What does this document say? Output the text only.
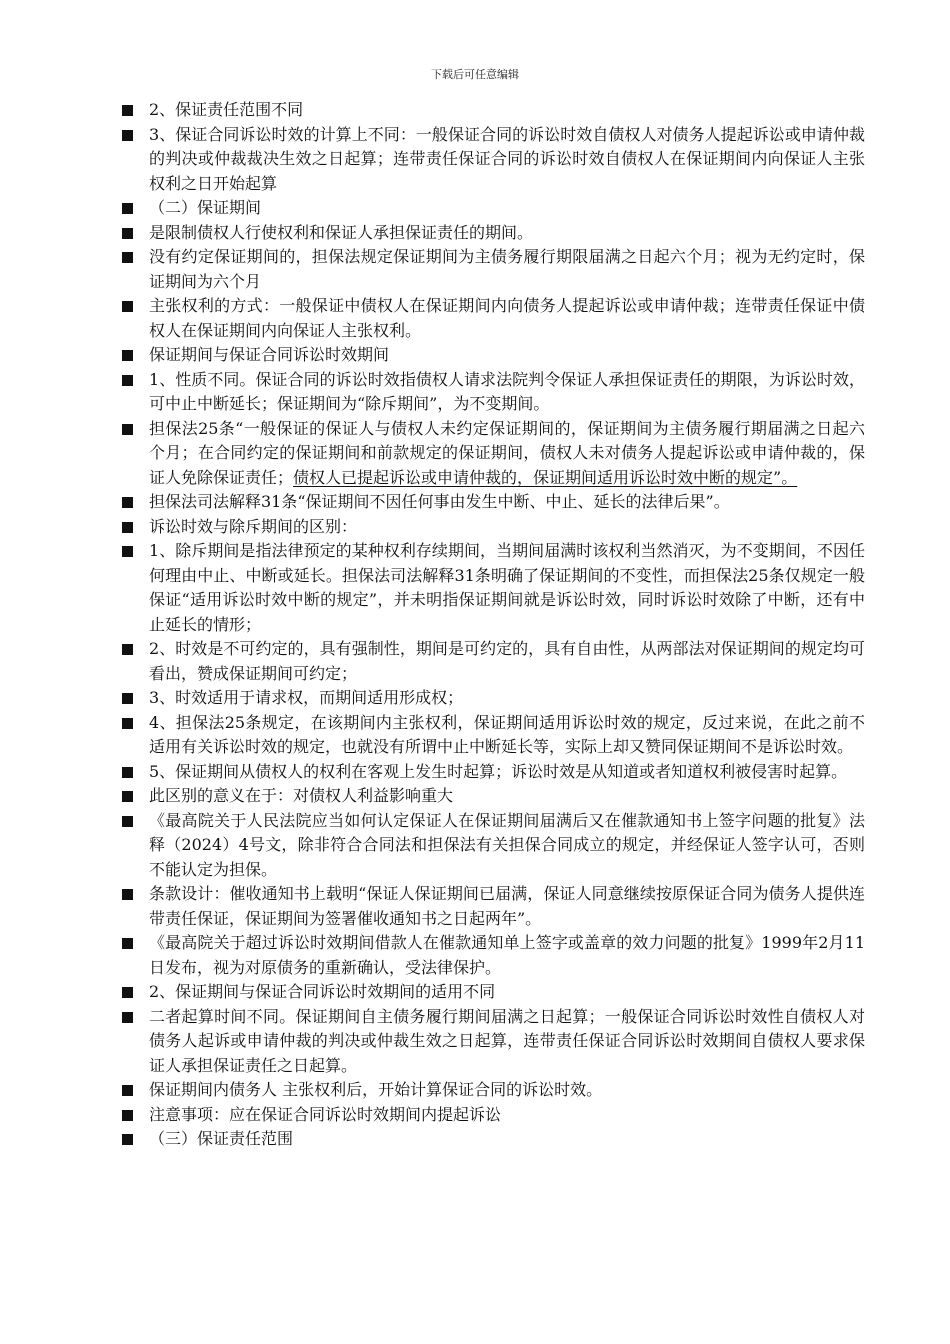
下载后可任意编辑
2、保证责任范围不同
3、保证合同诉讼时效的计算上不同：一般保证合同的诉讼时效自债权人对债务人提起诉讼或申请仲裁的判决或仲裁裁决生效之日起算；连带责任保证合同的诉讼时效自债权人在保证期间内向保证人主张权利之日开始起算
（二）保证期间
是限制债权人行使权利和保证人承担保证责任的期间。
没有约定保证期间的，担保法规定保证期间为主债务履行期限届满之日起六个月；视为无约定时，保证期间为六个月
主张权利的方式：一般保证中债权人在保证期间内向债务人提起诉讼或申请仲裁；连带责任保证中债权人在保证期间内向保证人主张权利。
保证期间与保证合同诉讼时效期间
1、性质不同。保证合同的诉讼时效指债权人请求法院判令保证人承担保证责任的期限，为诉讼时效，可中止中断延长；保证期间为“除斥期间”，为不变期间。
担保法25条“一般保证的保证人与债权人未约定保证期间的，保证期间为主债务履行期届满之日起六个月；在合同约定的保证期间和前款规定的保证期间，债权人未对债务人提起诉讼或申请仲裁的，保证人免除保证责任；债权人已提起诉讼或申请仲裁的，保证期间适用诉讼时效中断的规定”。
担保法司法解释31条“保证期间不因任何事由发生中断、中止、延长的法律后果”。
诉讼时效与除斥期间的区别：
1、除斥期间是指法律预定的某种权利存续期间，当期间届满时该权利当然消灭，为不变期间，不因任何理由中止、中断或延长。担保法司法解释31条明确了保证期间的不变性，而担保法25条仅规定一般保证“适用诉讼时效中断的规定”，并未明指保证期间就是诉讼时效，同时诉讼时效除了中断，还有中止延长的情形；
2、时效是不可约定的，具有强制性，期间是可约定的，具有自由性，从两部法对保证期间的规定均可看出，赞成保证期间可约定；
3、时效适用于请求权，而期间适用形成权；
4、担保法25条规定，在该期间内主张权利，保证期间适用诉讼时效的规定，反过来说，在此之前不适用有关诉讼时效的规定，也就没有所谓中止中断延长等，实际上却又赞同保证期间不是诉讼时效。
5、保证期间从债权人的权利在客观上发生时起算；诉讼时效是从知道或者知道权利被侵害时起算。
此区别的意义在于：对债权人利益影响重大
《最高院关于人民法院应当如何认定保证人在保证期间届满后又在催款通知书上签字问题的批复》法释（2024）4号文，除非符合合同法和担保法有关担保合同成立的规定，并经保证人签字认可，否则不能认定为担保。
条款设计：催收通知书上载明“保证人保证期间已届满，保证人同意继续按原保证合同为债务人提供连带责任保证，保证期间为签署催收通知书之日起两年”。
《最高院关于超过诉讼时效期间借款人在催款通知单上签字或盖章的效力问题的批复》1999年2月11日发布，视为对原债务的重新确认，受法律保护。
2、保证期间与保证合同诉讼时效期间的适用不同
二者起算时间不同。保证期间自主债务履行期间届满之日起算；一般保证合同诉讼时效性自债权人对债务人起诉或申请仲裁的判决或仲裁生效之日起算，连带责任保证合同诉讼时效期间自债权人要求保证人承担保证责任之日起算。
保证期间内债务人 主张权利后，开始计算保证合同的诉讼时效。
注意事项：应在保证合同诉讼时效期间内提起诉讼
（三）保证责任范围
